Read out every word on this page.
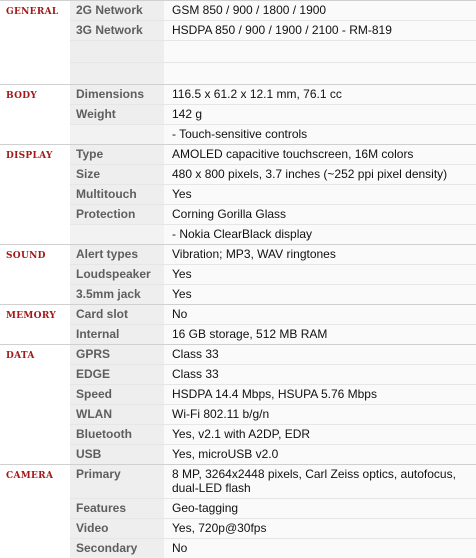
GENERAL	2G Network	GSM 850 / 900 / 1800 / 1900
	3G Network	HSDPA 850 / 900 / 1900 / 2100 - RM-819

BODY	Dimensions	116.5 x 61.2 x 12.1 mm, 76.1 cc
	Weight	142 g
		- Touch-sensitive controls
DISPLAY	Type	AMOLED capacitive touchscreen, 16M colors
	Size	480 x 800 pixels, 3.7 inches (~252 ppi pixel density)
	Multitouch	Yes
	Protection	Corning Gorilla Glass
		- Nokia ClearBlack display
SOUND	Alert types	Vibration; MP3, WAV ringtones
	Loudspeaker	Yes
	3.5mm jack	Yes
MEMORY	Card slot	No
	Internal	16 GB storage, 512 MB RAM
DATA	GPRS	Class 33
	EDGE	Class 33
	Speed	HSDPA 14.4 Mbps, HSUPA 5.76 Mbps
	WLAN	Wi-Fi 802.11 b/g/n
	Bluetooth	Yes, v2.1 with A2DP, EDR
	USB	Yes, microUSB v2.0
CAMERA	Primary	8 MP, 3264x2448 pixels, Carl Zeiss optics, autofocus, dual-LED flash
	Features	Geo-tagging
	Video	Yes, 720p@30fps
	Secondary	No
